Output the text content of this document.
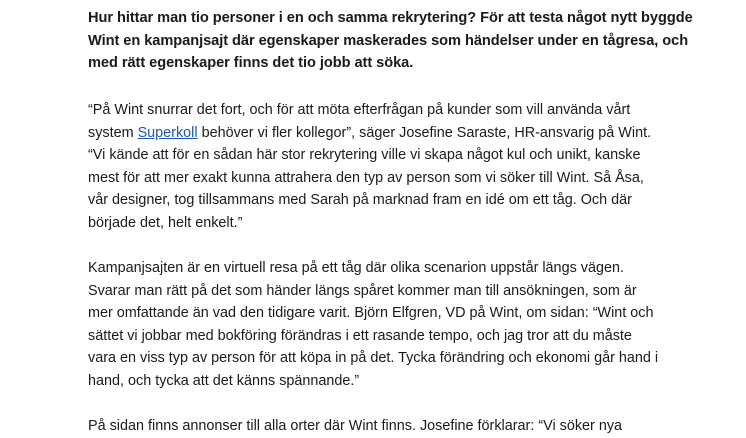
Hur hittar man tio personer i en och samma rekrytering? För att testa något nytt byggde
Wint en kampanjsajt där egenskaper maskerades som händelser under en tågresa, och
med rätt egenskaper finns det tio jobb att söka.
“På Wint snurrar det fort, och för att möta efterfrågan på kunder som vill använda vårt
system Superkoll behöver vi fler kollegor”, säger Josefine Saraste, HR-ansvarig på Wint.
“Vi kände att för en sådan här stor rekrytering ville vi skapa något kul och unikt, kanske
mest för att mer exakt kunna attrahera den typ av person som vi söker till Wint. Så Åsa,
vår designer, tog tillsammans med Sarah på marknad fram en idé om ett tåg. Och där
började det, helt enkelt.”
Kampanjsajten är en virtuell resa på ett tåg där olika scenarion uppstår längs vägen.
Svarar man rätt på det som händer längs spåret kommer man till ansökningen, som är
mer omfattande än vad den tidigare varit. Björn Elfgren, VD på Wint, om sidan: “Wint och
sättet vi jobbar med bokföring förändras i ett rasande tempo, och jag tror att du måste
vara en viss typ av person för att köpa in på det. Tycka förändring och ekonomi går hand i
hand, och tycka att det känns spännande.”
På sidan finns annonser till alla orter där Wint finns. Josefine förklarar: “Vi söker nya
